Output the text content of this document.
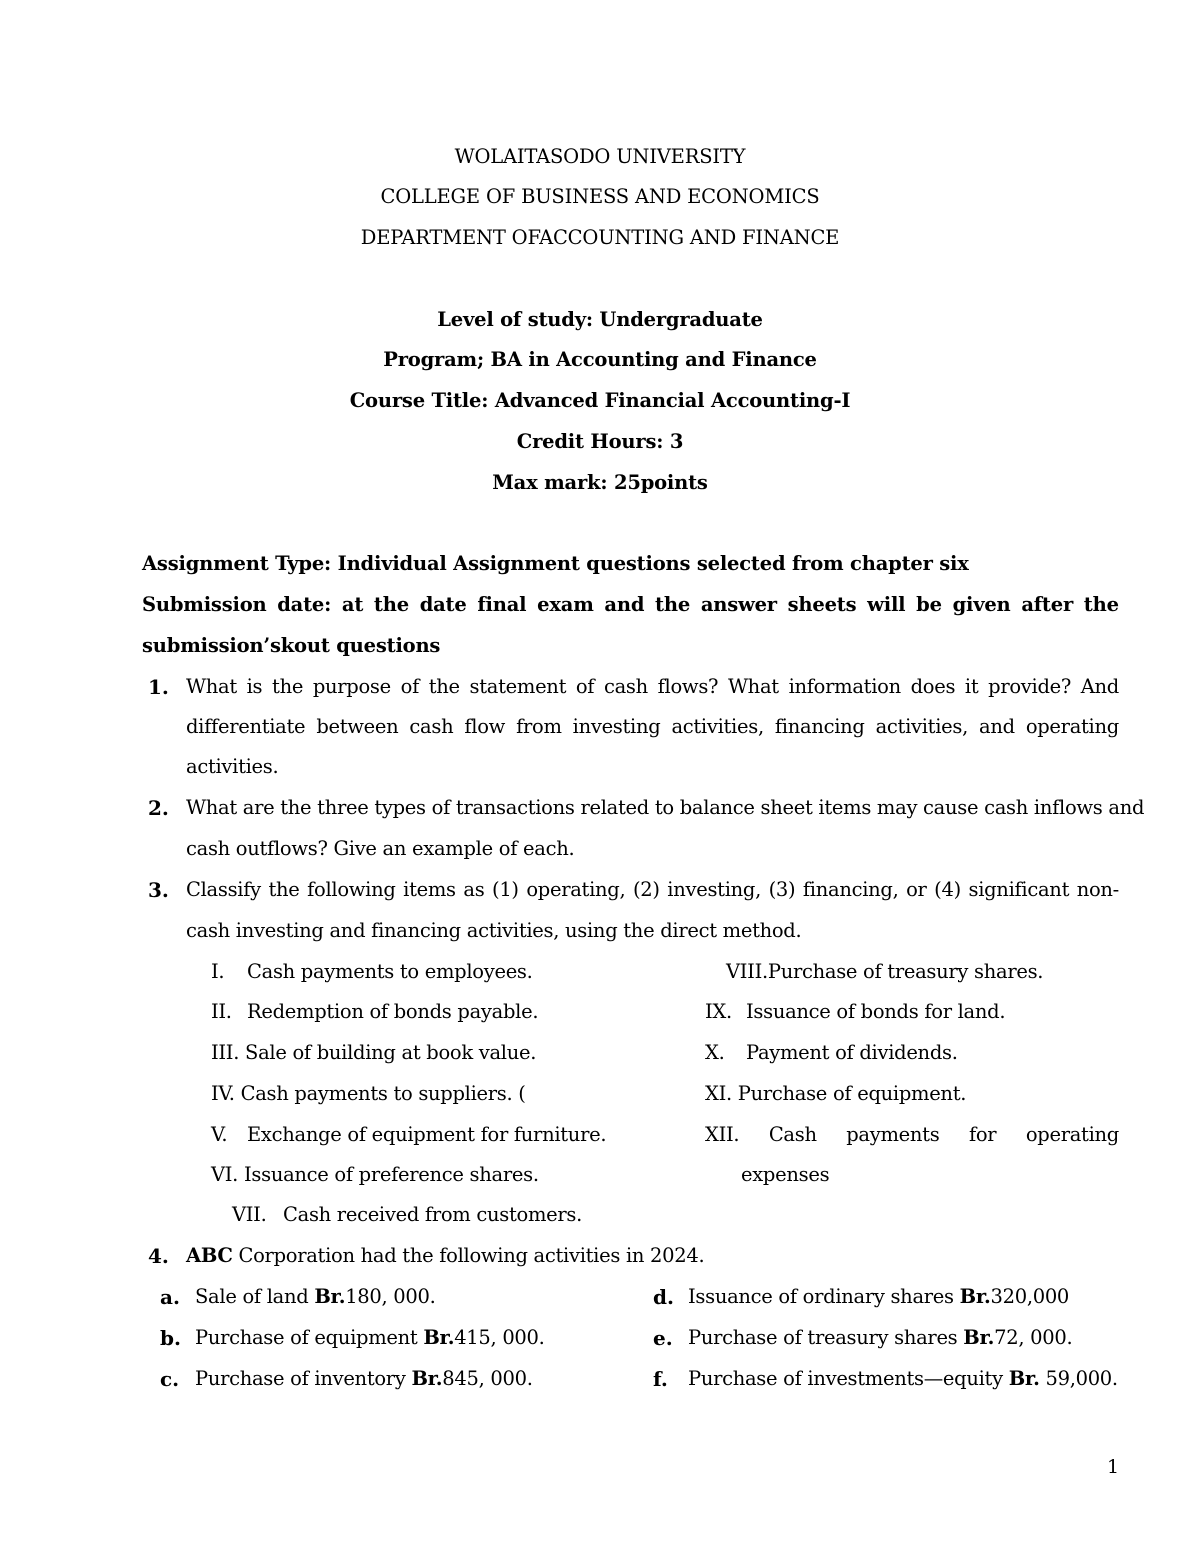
WOLAITASODO UNIVERSITY
COLLEGE OF BUSINESS AND ECONOMICS
DEPARTMENT OFACCOUNTING AND FINANCE
Level of study: Undergraduate
Program; BA in Accounting and Finance
Course Title: Advanced Financial Accounting-I
Credit Hours: 3
Max mark: 25points
Assignment Type: Individual Assignment questions selected from chapter six
Submission date: at the date final exam and the answer sheets will be given after the
submission’skout questions
1. What is the purpose of the statement of cash flows? What information does it provide? And
differentiate between cash flow from investing activities, financing activities, and operating
activities.
2. What are the three types of transactions related to balance sheet items may cause cash inflows and
cash outflows? Give an example of each.
3. Classify the following items as (1) operating, (2) investing, (3) financing, or (4) significant non-
cash investing and financing activities, using the direct method.
I. Cash payments to employees.
II. Redemption of bonds payable.
III. Sale of building at book value.
IV. Cash payments to suppliers. (
V. Exchange of equipment for furniture.
VI. Issuance of preference shares.
VII. Cash received from customers.
VIII.Purchase of treasury shares.
IX. Issuance of bonds for land.
X. Payment of dividends.
XI. Purchase of equipment.
XII. Cash payments for operating
expenses
4. ABC Corporation had the following activities in 2024.
a. Sale of land Br.180, 000.
b. Purchase of equipment Br.415, 000.
c. Purchase of inventory Br.845, 000.
d. Issuance of ordinary shares Br.320,000
e. Purchase of treasury shares Br.72, 000.
f. Purchase of investments—equity Br. 59,000.
1
